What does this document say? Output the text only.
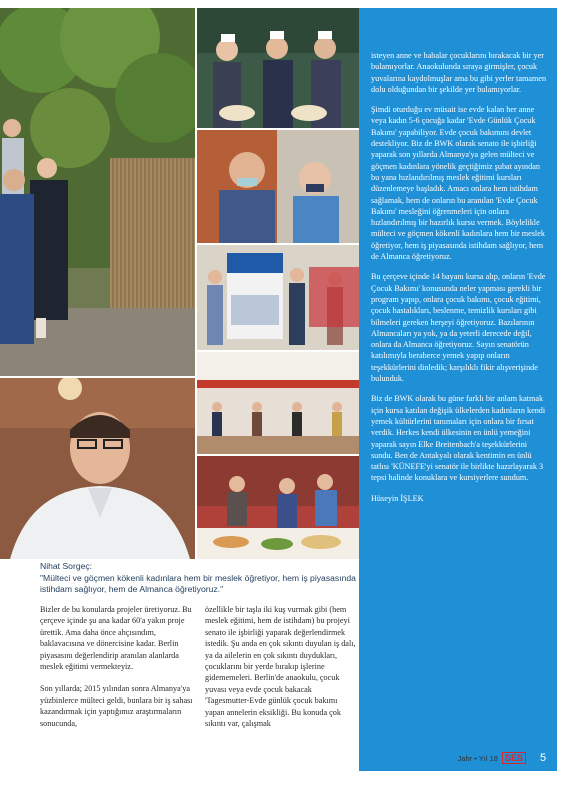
isteyen anne ve babalar çocuklarını bırakacak bir yer bulamıyorlar. Anaokulunda sıraya girmişler, çocuk yuvalarına kaydolmuşlar ama bu gibi yerler tamamen dolu olduğundan bir şekilde yer bulamıyorlar.

Şimdi oturduğu ev müsait ise evde kalan her anne veya kadın 5-6 çocuğa kadar 'Evde Günlük Çocuk Bakımı' yapabiliyor. Evde çocuk bakımını devlet destekliyor. Biz de BWK olarak senato ile işbirliği yaparak son yıllarda Almanya'ya gelen mülteci ve göçmen kadınlara yönelik geçtiğimiz şubat ayından bu yana hızlandırılmış meslek eğitimi kursları düzenlemeye başladık. Amacı onlara hem istihdam sağlamak, hem de onların bu aranılan 'Evde Çocuk Bakımı' mesleğini öğrenmeleri için onlara hızlandırılmış bir hazırlık kursu vermek. Böylelikle mülteci ve göçmen kökenli kadınlara hem bir meslek öğretiyor, hem iş piyasasında istihdam sağlıyor, hem de Almanca öğretiyoruz.

Bu çerçeve içinde 14 bayanı kursa alıp, onların 'Evde Çocuk Bakımı' konusunda neler yapması gerekli bir program yapıp, onlara çocuk bakımı, çocuk eğitimi, çocuk hastalıkları, beslenme, temizlik kursları gibi bilmeleri gereken herşeyi öğretiyoruz. Bazılarının Almancaları ya yok, ya da yeterli derecede değil, onlara da Almanca öğretiyoruz. Sayın senatörün katılımıyla beraberce yemek yapıp onların teşekkürlerini dinledik; karşılıklı fikir alışverişinde bulunduk.

Biz de BWK olarak bu güne farklı bir anlam katmak için kursa katılan değişik ülkelerden kadınların kendi yemek kültürlerini tanımaları için onlara bir fırsat verdik. Herkes kendi ülkesinin en ünlü yemeğini yaparak sayın Elke Breitenbach'a teşekkürlerini sundu. Ben de Antakyalı olarak kentimin en ünlü tatlısı 'KÜNEFE'yi senatör ile birlikte hazırlayarak 3 tepsi halinde konuklara ve kursiyerlere sundum.

Hüseyin İŞLEK

Nihat Sorgeç:
"Mülteci ve göçmen kökenli kadınlara hem bir meslek öğretiyor, hem iş piyasasında istihdam sağlıyor, hem de Almanca öğretiyoruz."

Bizler de bu konularda projeler üretiyoruz. Bu çerçeve içinde şu ana kadar 60'a yakın proje ürettik. Ama daha önce ahçısındım, baklavacısına ve dönercisine kadar. Berlin piyasasını değerlendirip aranılan alanlarda meslek eğitimi vermekteyiz.

Son yıllarda; 2015 yılından sonra Almanya'ya yüzbinlerce mülteci geldi, bunlara bir iş sahası kazandırmak için yaptığımız araştırmaların sonucunda,

özellikle bir taşla iki kuş vurmak gibi (hem meslek eğitimi, hem de istihdam) bu projeyi senato ile işbirliği yaparak değerlendirmek istedik. Şu anda en çok sıkıntı duyulan iş dalı, ya da ailelerin en çok sıkıntı duydukları, çocuklarını bir yerde bırakıp işlerine gidememeleri. Berlin'de anaokulu, çocuk yuvası veya evde çocuk bakacak 'Tagesmutter-Evde günlük çocuk bakımı yapan annelerin eksikliği. Bu konuda çok sıkıntı var, çalışmak

Jahr • Yıl 18 SES	5
